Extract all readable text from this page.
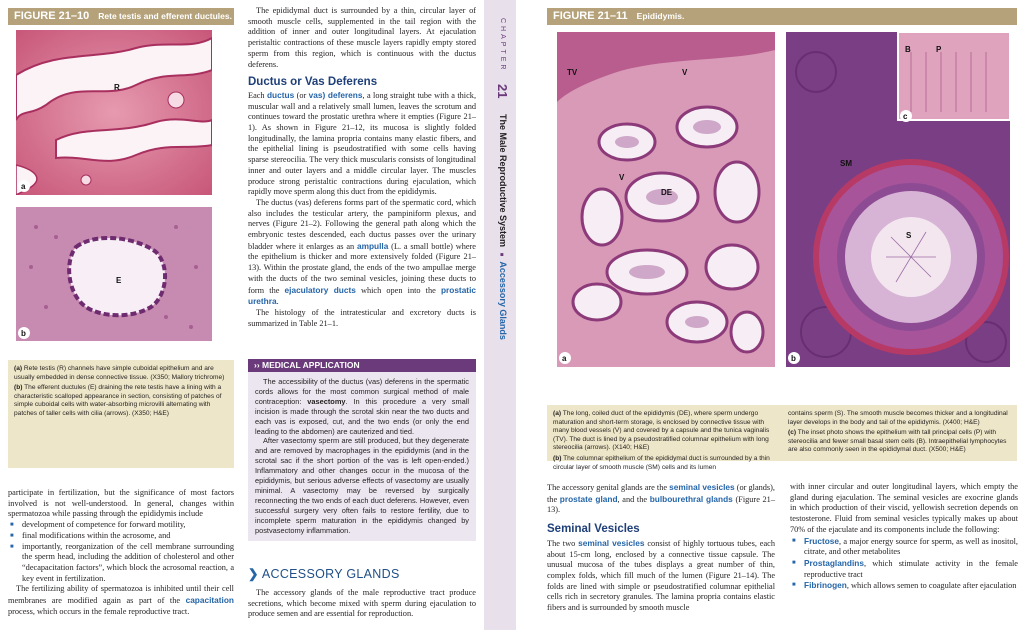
FIGURE 21–10 Rete testis and efferent ductules.
R
a
E
b

(a) Rete testis (R) channels have simple cuboidal epithelium and are usually embedded in dense connective tissue. (X350; Mallory trichrome)

(b) The efferent ductules (E) draining the rete testis have a lining with a characteristic scalloped appearance in section, consisting of patches of simple cuboidal cells with water-absorbing microvilli alternating with patches of taller cells with cilia (arrows). (X350; H&E)

participate in fertilization, but the significance of most factors involved is not well-understood. In general, changes within spermatozoa while passing through the epididymis include

■ development of competence for forward motility,
■ final modifications within the acrosome, and
■ importantly, reorganization of the cell membrane surrounding the sperm head, including the addition of cholesterol and other “decapacitation factors”, which block the acrosomal reaction, a key event in fertilization.

The fertilizing ability of spermatozoa is inhibited until their cell membranes are modified again as part of the capacitation process, which occurs in the female reproductive tract.

The epididymal duct is surrounded by a thin, circular layer of smooth muscle cells, supplemented in the tail region with the addition of inner and outer longitudinal layers. At ejaculation peristaltic contractions of these muscle layers rapidly empty stored sperm from this region, which is continuous with the ductus deferens.

Ductus or Vas Deferens

Each ductus (or vas) deferens, a long straight tube with a thick, muscular wall and a relatively small lumen, leaves the scrotum and continues toward the prostatic urethra where it empties (Figure 21–1). As shown in Figure 21–12, its mucosa is slightly folded longitudinally, the lamina propria contains many elastic fibers, and the epithelial lining is pseudostratified with some cells having sparse stereocilia. The very thick muscularis consists of longitudinal inner and outer layers and a middle circular layer. The muscles produce strong peristaltic contractions during ejaculation, which rapidly move sperm along this duct from the epididymis.

The ductus (vas) deferens forms part of the spermatic cord, which also includes the testicular artery, the pampiniform plexus, and nerves (Figure 21–2). Following the general path along which the embryonic testes descended, each ductus passes over the urinary bladder where it enlarges as an ampulla (L. a small bottle) where the epithelium is thicker and more extensively folded (Figure 21–13). Within the prostate gland, the ends of the two ampullae merge with the ducts of the two seminal vesicles, joining these ducts to form the ejaculatory ducts which open into the prostatic urethra.

The histology of the intratesticular and excretory ducts is summarized in Table 21–1.

›› MEDICAL APPLICATION

The accessibility of the ductus (vas) deferens in the spermatic cords allows for the most common surgical method of male contraception: vasectomy. In this procedure a very small incision is made through the scrotal skin near the two ducts and each vas is exposed, cut, and the two ends (or only the end leading to the abdomen) are cauterized and tied.

After vasectomy sperm are still produced, but they degenerate and are removed by macrophages in the epididymis (and in the scrotal sac if the short portion of the vas is left open-ended.) Inflammatory and other changes occur in the mucosa of the epididymis, but serious adverse effects of vasectomy are usually minimal. A vasectomy may be reversed by surgically reconnecting the two ends of each duct deferens. However, even successful surgery very often fails to restore fertility, due to incomplete sperm maturation in the epididymis changed by postvasectomy inflammation.

❯ ACCESSORY GLANDS

The accessory glands of the male reproductive tract produce secretions, which become mixed with sperm during ejaculation to produce semen and are essential for reproduction.

CHAPTER
21
The Male Reproductive System ■ Accessory Glands
FIGURE 21–11 Epididymis.
TV	V
V
DE
a
B	P
c
SM
S
b

(a) The long, coiled duct of the epididymis (DE), where sperm undergo maturation and short-term storage, is enclosed by connective tissue with many blood vessels (V) and covered by a capsule and the tunica vaginalis (TV). The duct is lined by a pseudostratified columnar epithelium with long stereocilia (arrows). (X140; H&E)

(b) The columnar epithelium of the epididymal duct is surrounded by a thin circular layer of smooth muscle (SM) cells and its lumen

contains sperm (S). The smooth muscle becomes thicker and a longitudinal layer develops in the body and tail of the epididymis. (X400; H&E)

(c) The inset photo shows the epithelium with tall principal cells (P) with stereocilia and fewer small basal stem cells (B). Intraepithelial lymphocytes are also commonly seen in the epididymal duct. (X500; H&E)

The accessory genital glands are the seminal vesicles (or glands), the prostate gland, and the bulbourethral glands (Figure 21–13).

Seminal Vesicles

The two seminal vesicles consist of highly tortuous tubes, each about 15-cm long, enclosed by a connective tissue capsule. The unusual mucosa of the tubes displays a great number of thin, complex folds, which fill much of the lumen (Figure 21–14). The folds are lined with simple or pseudostratified columnar epithelial cells rich in secretory granules. The lamina propria contains elastic fibers and is surrounded by smooth muscle

with inner circular and outer longitudinal layers, which empty the gland during ejaculation. The seminal vesicles are exocrine glands in which production of their viscid, yellowish secretion depends on testosterone. Fluid from seminal vesicles typically makes up about 70% of the ejaculate and its components include the following:

■ Fructose, a major energy source for sperm, as well as inositol, citrate, and other metabolites
■ Prostaglandins, which stimulate activity in the female reproductive tract
■ Fibrinogen, which allows semen to coagulate after ejaculation
